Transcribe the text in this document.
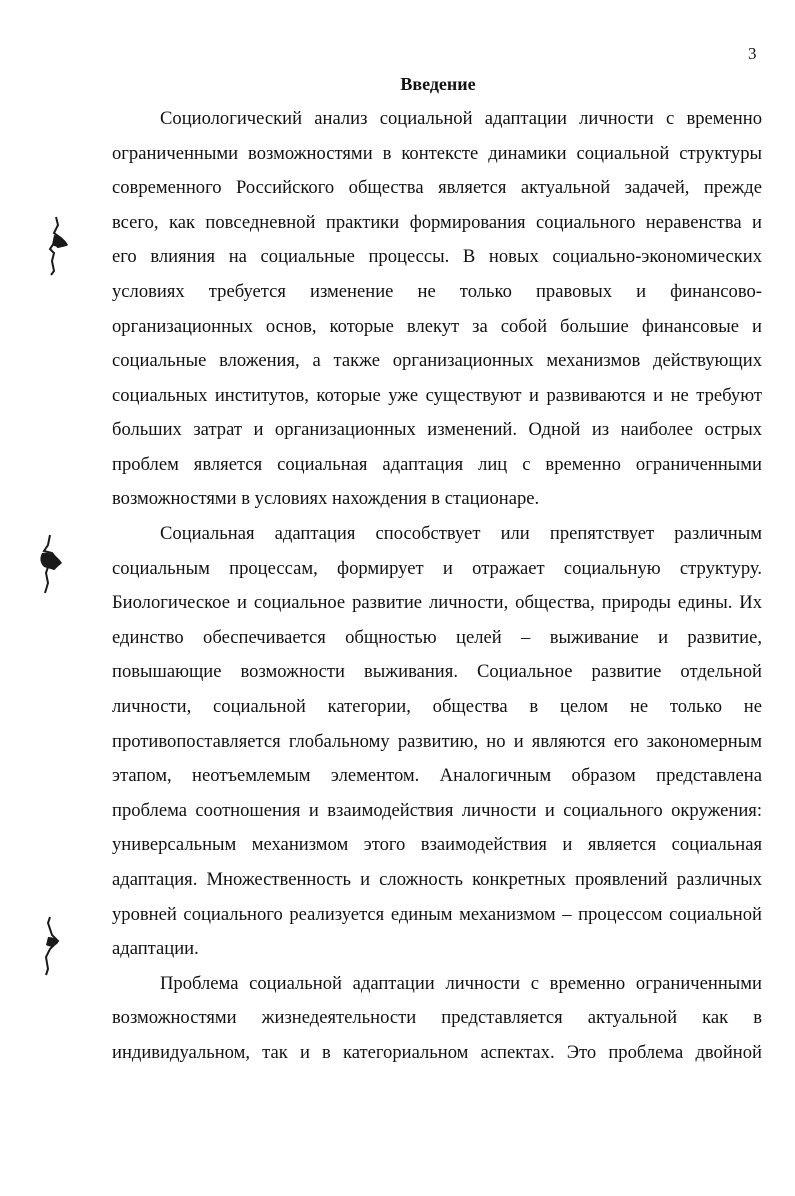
3
Введение
Социологический анализ социальной адаптации личности с временно
ограниченными возможностями в контексте динамики социальной структуры
современного Российского общества является актуальной задачей, прежде
всего, как повседневной практики формирования социального неравенства и
его влияния на социальные процессы. В новых социально-экономических
условиях требуется изменение не только правовых и финансово-
организационных основ, которые влекут за собой большие финансовые и
социальные вложения, а также организационных механизмов действующих
социальных институтов, которые уже существуют и развиваются и не требуют
больших затрат и организационных изменений. Одной из наиболее острых
проблем является социальная адаптация лиц с временно ограниченными
возможностями в условиях нахождения в стационаре.
Социальная адаптация способствует или препятствует различным
социальным процессам, формирует и отражает социальную структуру.
Биологическое и социальное развитие личности, общества, природы едины. Их
единство обеспечивается общностью целей – выживание и развитие,
повышающие возможности выживания. Социальное развитие отдельной
личности, социальной категории, общества в целом не только не
противопоставляется глобальному развитию, но и являются его закономерным
этапом, неотъемлемым элементом. Аналогичным образом представлена
проблема соотношения и взаимодействия личности и социального окружения:
универсальным механизмом этого взаимодействия и является социальная
адаптация. Множественность и сложность конкретных проявлений различных
уровней социального реализуется единым механизмом – процессом социальной
адаптации.
Проблема социальной адаптации личности с временно ограниченными
возможностями жизнедеятельности представляется актуальной как в
индивидуальном, так и в категориальном аспектах. Это проблема двойной
